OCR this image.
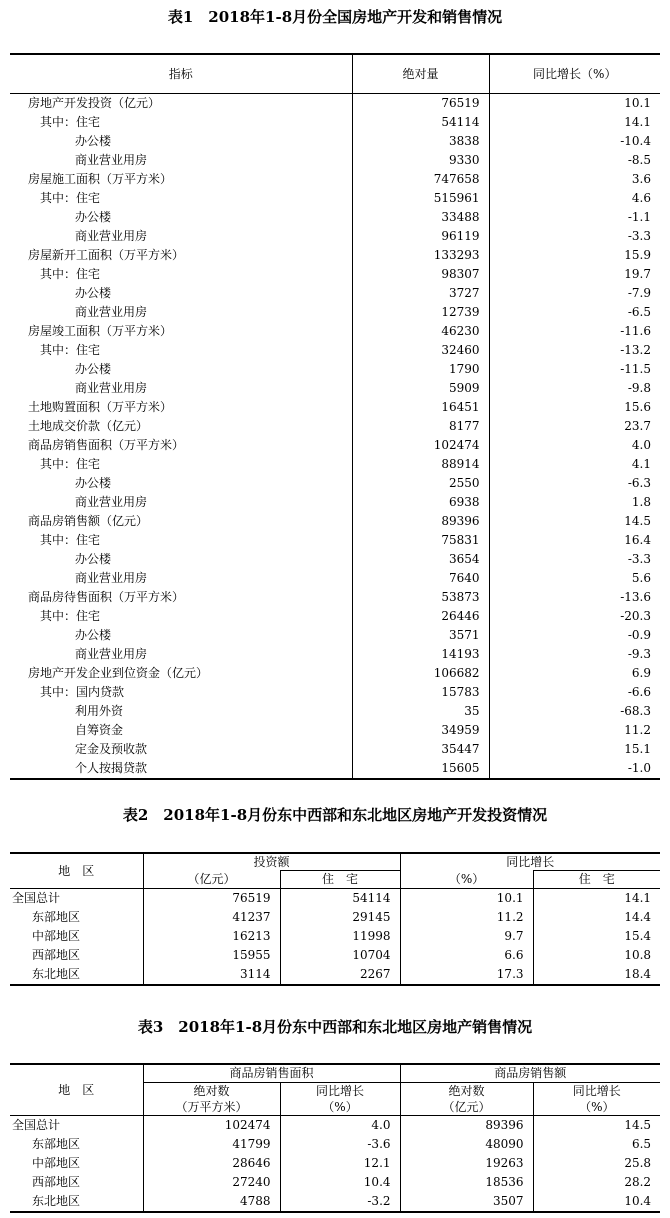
表1　2018年1-8月份全国房地产开发和销售情况
指标	绝对量	同比增长（%）
房地产开发投资（亿元）	76519	10.1
其中：住宅	54114	14.1
办公楼	3838	-10.4
商业营业用房	9330	-8.5
房屋施工面积（万平方米）	747658	3.6
其中：住宅	515961	4.6
办公楼	33488	-1.1
商业营业用房	96119	-3.3
房屋新开工面积（万平方米）	133293	15.9
其中：住宅	98307	19.7
办公楼	3727	-7.9
商业营业用房	12739	-6.5
房屋竣工面积（万平方米）	46230	-11.6
其中：住宅	32460	-13.2
办公楼	1790	-11.5
商业营业用房	5909	-9.8
土地购置面积（万平方米）	16451	15.6
土地成交价款（亿元）	8177	23.7
商品房销售面积（万平方米）	102474	4.0
其中：住宅	88914	4.1
办公楼	2550	-6.3
商业营业用房	6938	1.8
商品房销售额（亿元）	89396	14.5
其中：住宅	75831	16.4
办公楼	3654	-3.3
商业营业用房	7640	5.6
商品房待售面积（万平方米）	53873	-13.6
其中：住宅	26446	-20.3
办公楼	3571	-0.9
商业营业用房	14193	-9.3
房地产开发企业到位资金（亿元）	106682	6.9
其中：国内贷款	15783	-6.6
利用外资	35	-68.3
自筹资金	34959	11.2
定金及预收款	35447	15.1
个人按揭贷款	15605	-1.0
表2　2018年1-8月份东中西部和东北地区房地产开发投资情况
地　区	投资额		同比增长	
	（亿元）	住　宅	（%）	住　宅
全国总计	76519	54114	10.1	14.1
东部地区	41237	29145	11.2	14.4
中部地区	16213	11998	9.7	15.4
西部地区	15955	10704	6.6	10.8
东北地区	3114	2267	17.3	18.4
表3　2018年1-8月份东中西部和东北地区房地产销售情况
地　区	商品房销售面积		商品房销售额	
	绝对数	同比增长	绝对数	同比增长
	（万平方米）	（%）	（亿元）	（%）
全国总计	102474	4.0	89396	14.5
东部地区	41799	-3.6	48090	6.5
中部地区	28646	12.1	19263	25.8
西部地区	27240	10.4	18536	28.2
东北地区	4788	-3.2	3507	10.4
